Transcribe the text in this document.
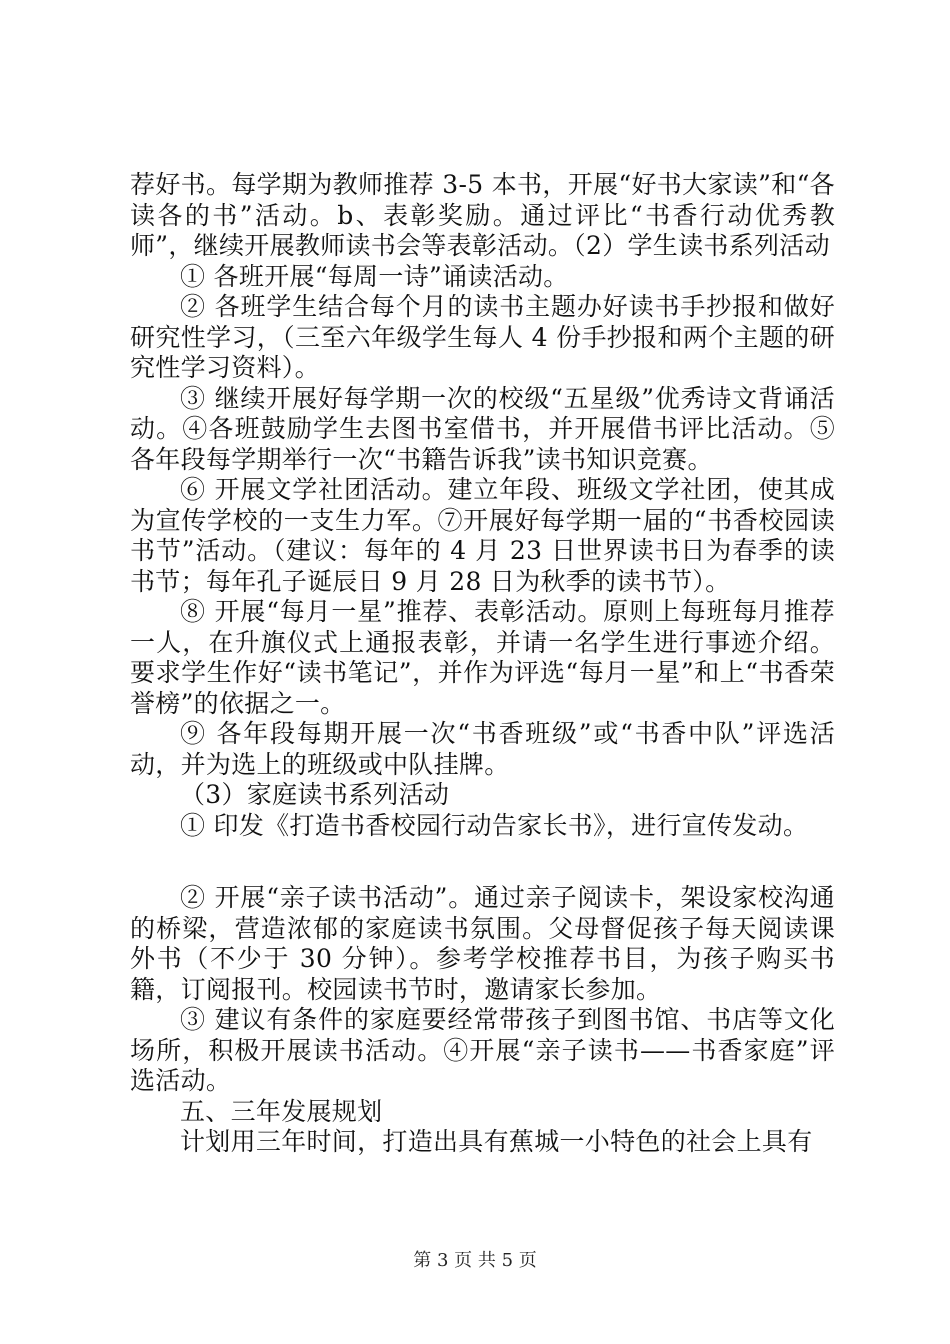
荐好书。每学期为教师推荐 3-5 本书，开展“好书大家读”和“各读各的书”活动。b、表彰奖励。通过评比“书香行动优秀教师”，继续开展教师读书会等表彰活动。（2）学生读书系列活动

① 各班开展“每周一诗”诵读活动。

② 各班学生结合每个月的读书主题办好读书手抄报和做好研究性学习，（三至六年级学生每人 4 份手抄报和两个主题的研究性学习资料）。

③ 继续开展好每学期一次的校级“五星级”优秀诗文背诵活动。④各班鼓励学生去图书室借书，并开展借书评比活动。⑤各年段每学期举行一次“书籍告诉我”读书知识竞赛。

⑥ 开展文学社团活动。建立年段、班级文学社团，使其成为宣传学校的一支生力军。⑦开展好每学期一届的“书香校园读书节”活动。（建议：每年的 4 月 23 日世界读书日为春季的读书节；每年孔子诞辰日 9 月 28 日为秋季的读书节）。

⑧ 开展“每月一星”推荐、表彰活动。原则上每班每月推荐一人，在升旗仪式上通报表彰，并请一名学生进行事迹介绍。要求学生作好“读书笔记”，并作为评选“每月一星”和上“书香荣誉榜”的依据之一。

⑨ 各年段每期开展一次“书香班级”或“书香中队”评选活动，并为选上的班级或中队挂牌。

（3）家庭读书系列活动

① 印发《打造书香校园行动告家长书》，进行宣传发动。

② 开展“亲子读书活动”。通过亲子阅读卡，架设家校沟通的桥梁，营造浓郁的家庭读书氛围。父母督促孩子每天阅读课外书（不少于 30 分钟）。参考学校推荐书目，为孩子购买书籍，订阅报刊。校园读书节时，邀请家长参加。

③ 建议有条件的家庭要经常带孩子到图书馆、书店等文化场所，积极开展读书活动。④开展“亲子读书——书香家庭”评选活动。

五、三年发展规划

计划用三年时间，打造出具有蕉城一小特色的社会上具有

第 3 页 共 5 页
